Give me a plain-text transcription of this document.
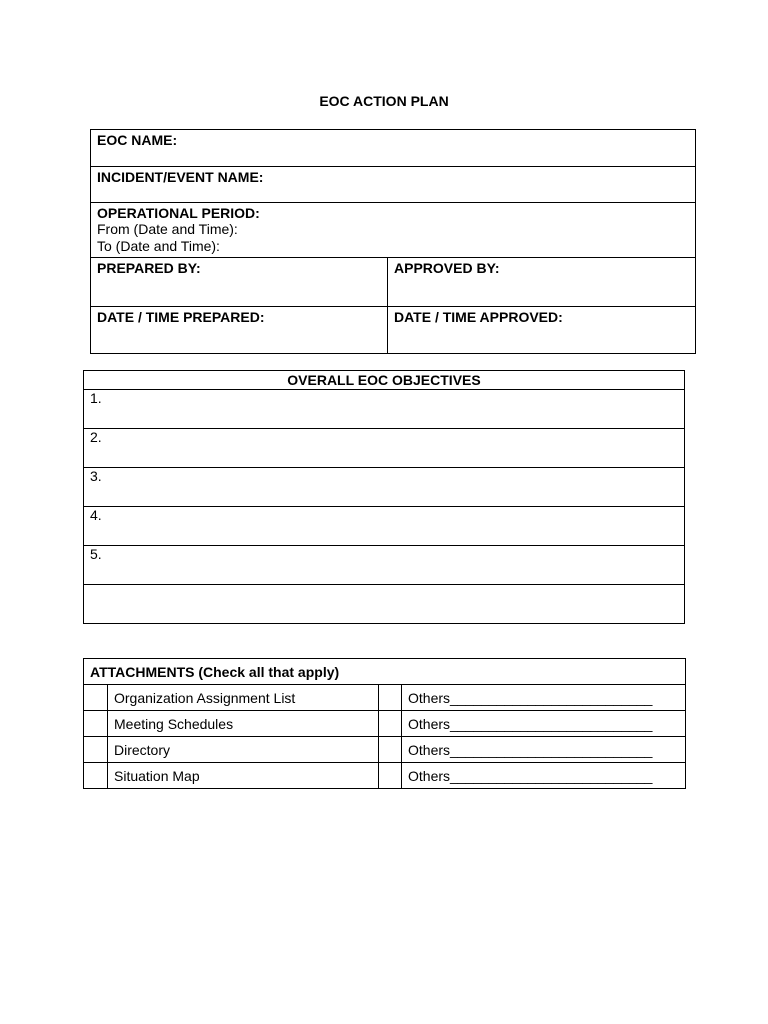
EOC ACTION PLAN
EOC NAME:	
INCIDENT/EVENT NAME:	

OPERATIONAL PERIOD:
From (Date and Time):
To (Date and Time):	

PREPARED BY:	APPROVED BY:
DATE / TIME PREPARED:	DATE / TIME APPROVED:
OVERALL EOC OBJECTIVES
1.
2.
3.
4.
5.

ATTACHMENTS (Check all that apply)			
	Organization Assignment List		Others__________________________
	Meeting Schedules		Others__________________________
	Directory		Others__________________________
	Situation Map		Others__________________________
